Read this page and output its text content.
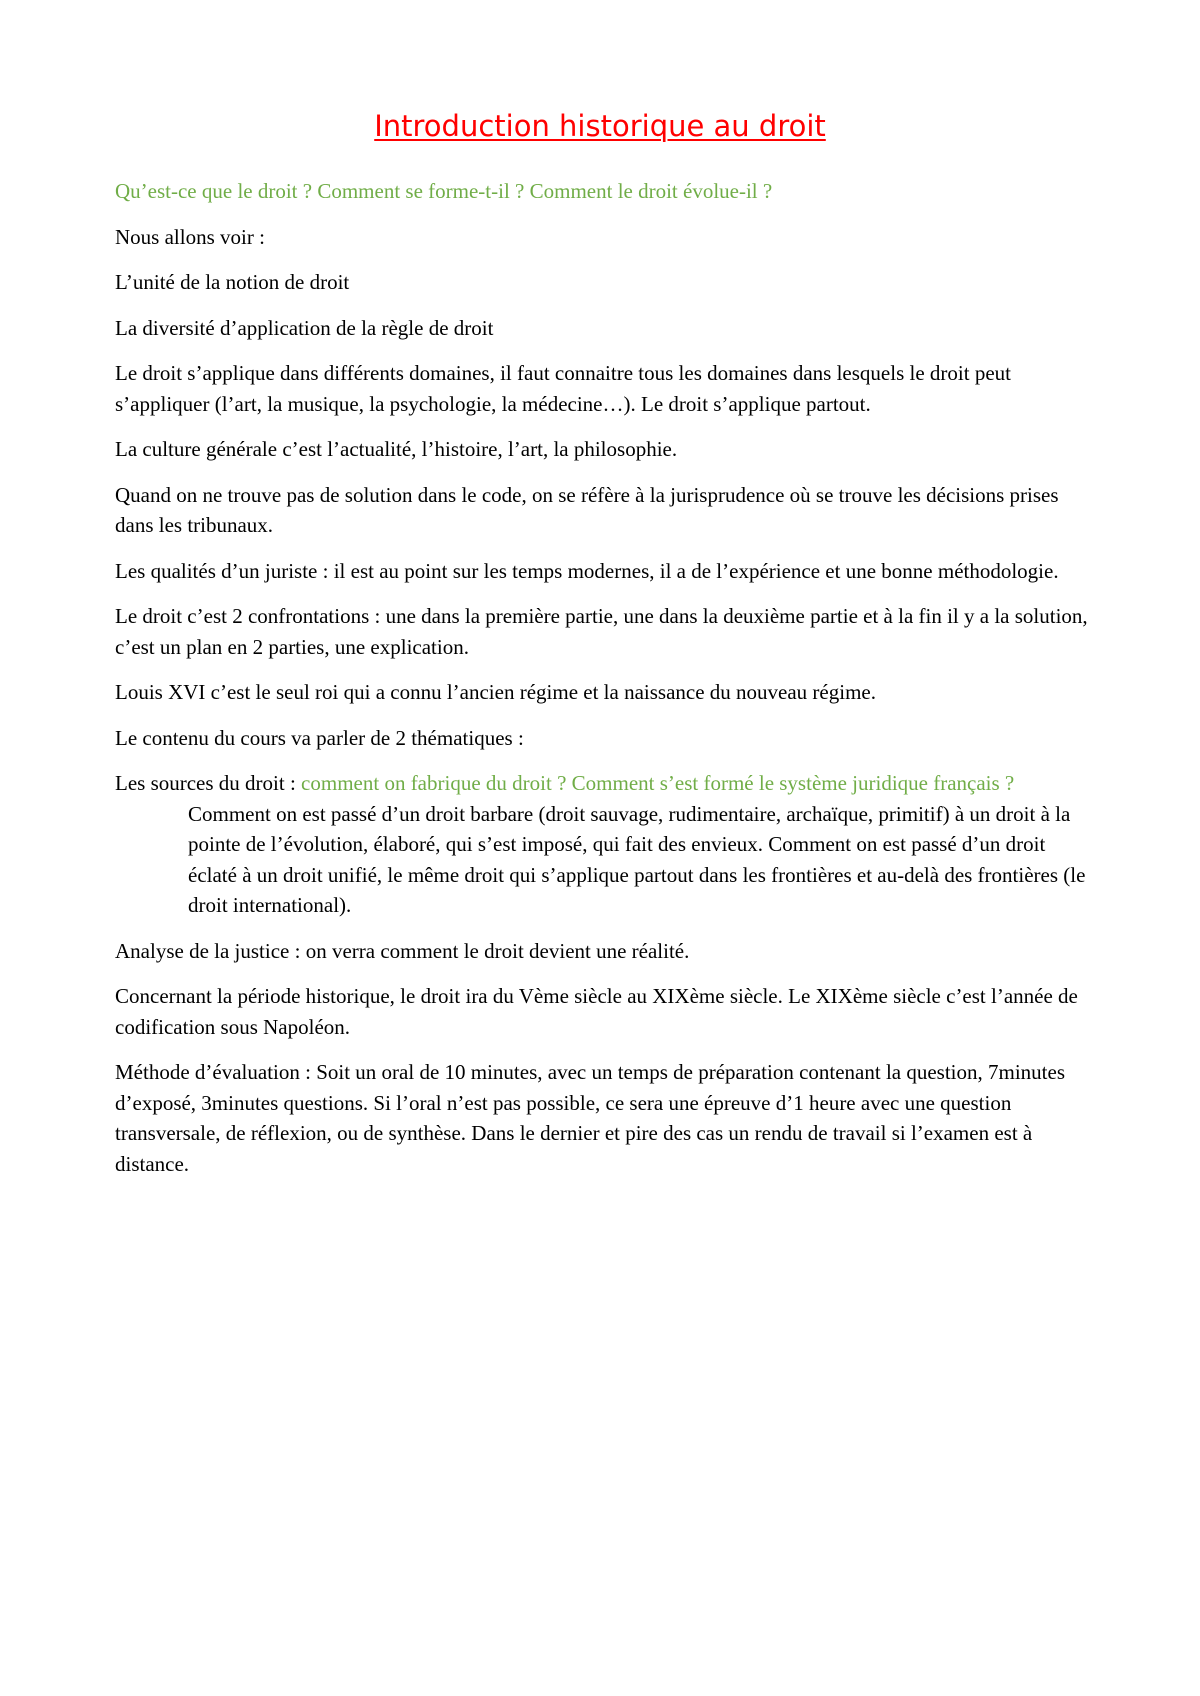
Introduction historique au droit

Qu’est-ce que le droit ? Comment se forme-t-il ? Comment le droit évolue-il ?

Nous allons voir :

L’unité de la notion de droit

La diversité d’application de la règle de droit

Le droit s’applique dans différents domaines, il faut connaitre tous les domaines dans lesquels le droit peut s’appliquer (l’art, la musique, la psychologie, la médecine…). Le droit s’applique partout.

La culture générale c’est l’actualité, l’histoire, l’art, la philosophie.

Quand on ne trouve pas de solution dans le code, on se réfère à la jurisprudence où se trouve les décisions prises dans les tribunaux.

Les qualités d’un juriste : il est au point sur les temps modernes, il a de l’expérience et une bonne méthodologie.

Le droit c’est 2 confrontations : une dans la première partie, une dans la deuxième partie et à la fin il y a la solution, c’est un plan en 2 parties, une explication.

Louis XVI c’est le seul roi qui a connu l’ancien régime et la naissance du nouveau régime.

Le contenu du cours va parler de 2 thématiques :

Les sources du droit : comment on fabrique du droit ? Comment s’est formé le système juridique français ? Comment on est passé d’un droit barbare (droit sauvage, rudimentaire, archaïque, primitif) à un droit à la pointe de l’évolution, élaboré, qui s’est imposé, qui fait des envieux. Comment on est passé d’un droit éclaté à un droit unifié, le même droit qui s’applique partout dans les frontières et au-delà des frontières (le droit international).

Analyse de la justice : on verra comment le droit devient une réalité.

Concernant la période historique, le droit ira du Vème siècle au XIXème siècle. Le XIXème siècle c’est l’année de codification sous Napoléon.

Méthode d’évaluation : Soit un oral de 10 minutes, avec un temps de préparation contenant la question, 7minutes d’exposé, 3minutes questions. Si l’oral n’est pas possible, ce sera une épreuve d’1 heure avec une question transversale, de réflexion, ou de synthèse. Dans le dernier et pire des cas un rendu de travail si l’examen est à distance.
